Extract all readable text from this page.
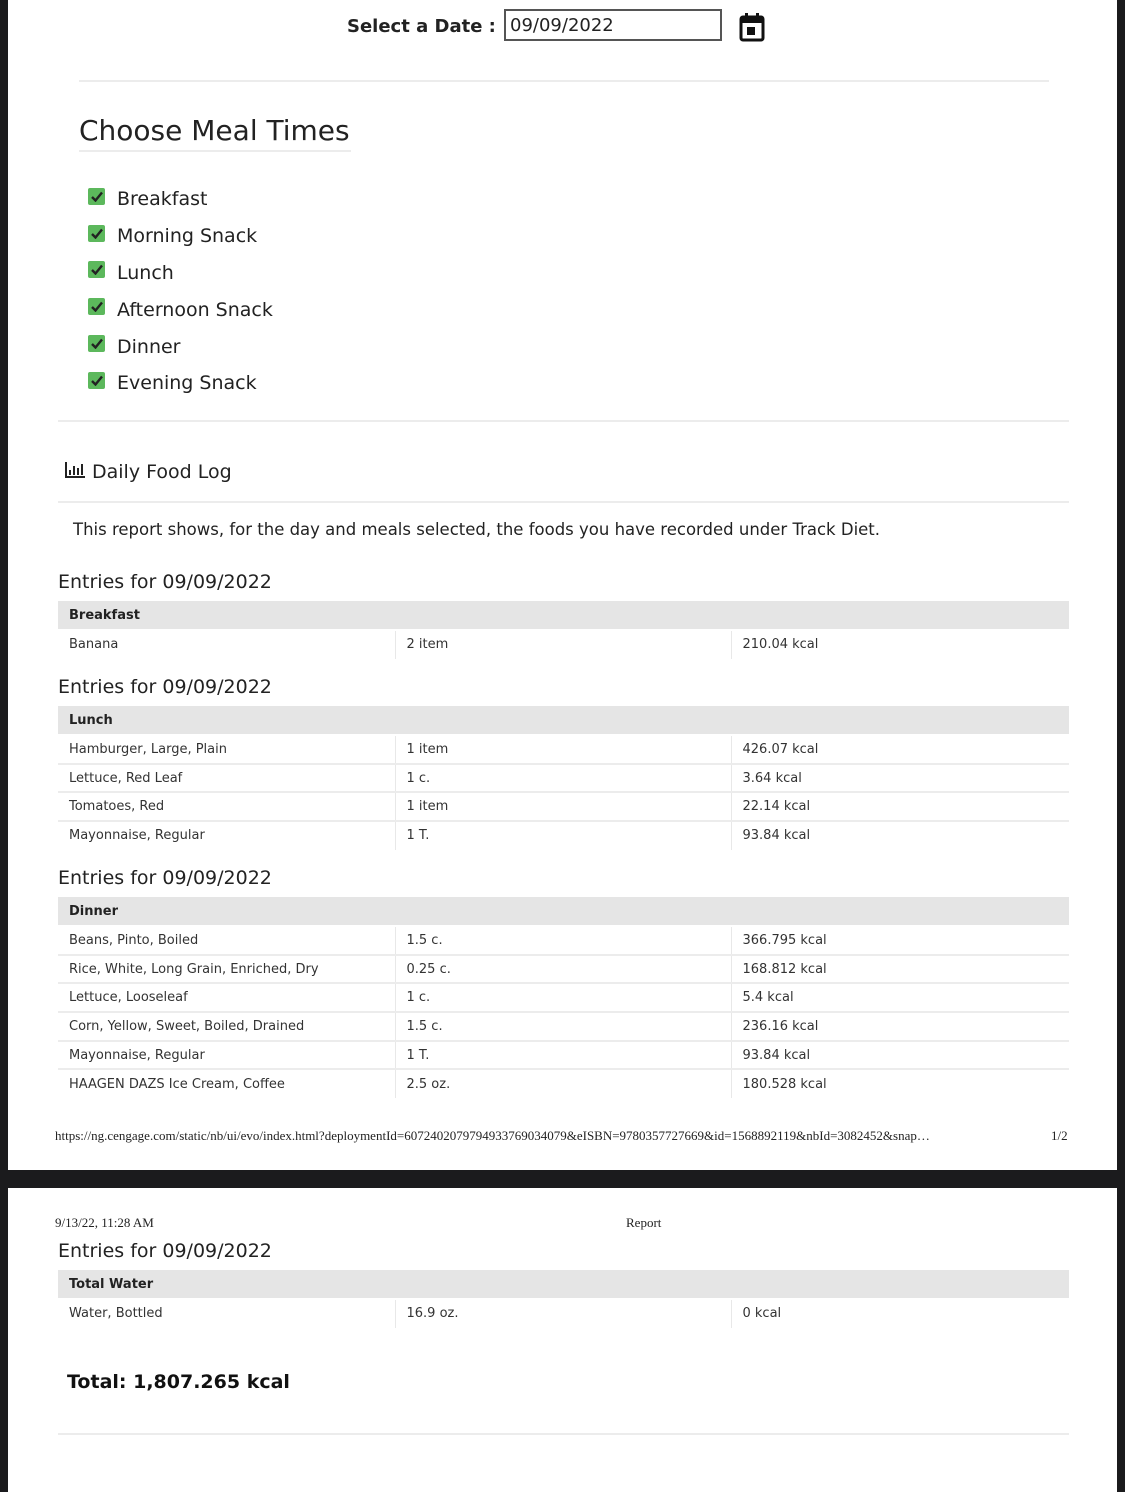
Select a Date :
09/09/2022
Choose Meal Times
Breakfast
Morning Snack
Lunch
Afternoon Snack
Dinner
Evening Snack
Daily Food Log
This report shows, for the day and meals selected, the foods you have recorded under Track Diet.
Entries for 09/09/2022
Breakfast
Banana	2 item	210.04 kcal
Entries for 09/09/2022
Lunch		
Hamburger, Large, Plain	1 item	426.07 kcal
Lettuce, Red Leaf	1 c.	3.64 kcal
Tomatoes, Red	1 item	22.14 kcal
Mayonnaise, Regular	1 T.	93.84 kcal
Entries for 09/09/2022
Dinner		
Beans, Pinto, Boiled	1.5 c.	366.795 kcal
Rice, White, Long Grain, Enriched, Dry	0.25 c.	168.812 kcal
Lettuce, Looseleaf	1 c.	5.4 kcal
Corn, Yellow, Sweet, Boiled, Drained	1.5 c.	236.16 kcal
Mayonnaise, Regular	1 T.	93.84 kcal
HAAGEN DAZS Ice Cream, Coffee	2.5 oz.	180.528 kcal
https://ng.cengage.com/static/nb/ui/evo/index.html?deploymentId=6072402079794933769034079&eISBN=9780357727669&id=1568892119&nbId=3082452&snap…	1/2
9/13/22, 11:28 AM	Report
Entries for 09/09/2022
Total Water
Water, Bottled	16.9 oz.	0 kcal
Total: 1,807.265 kcal
